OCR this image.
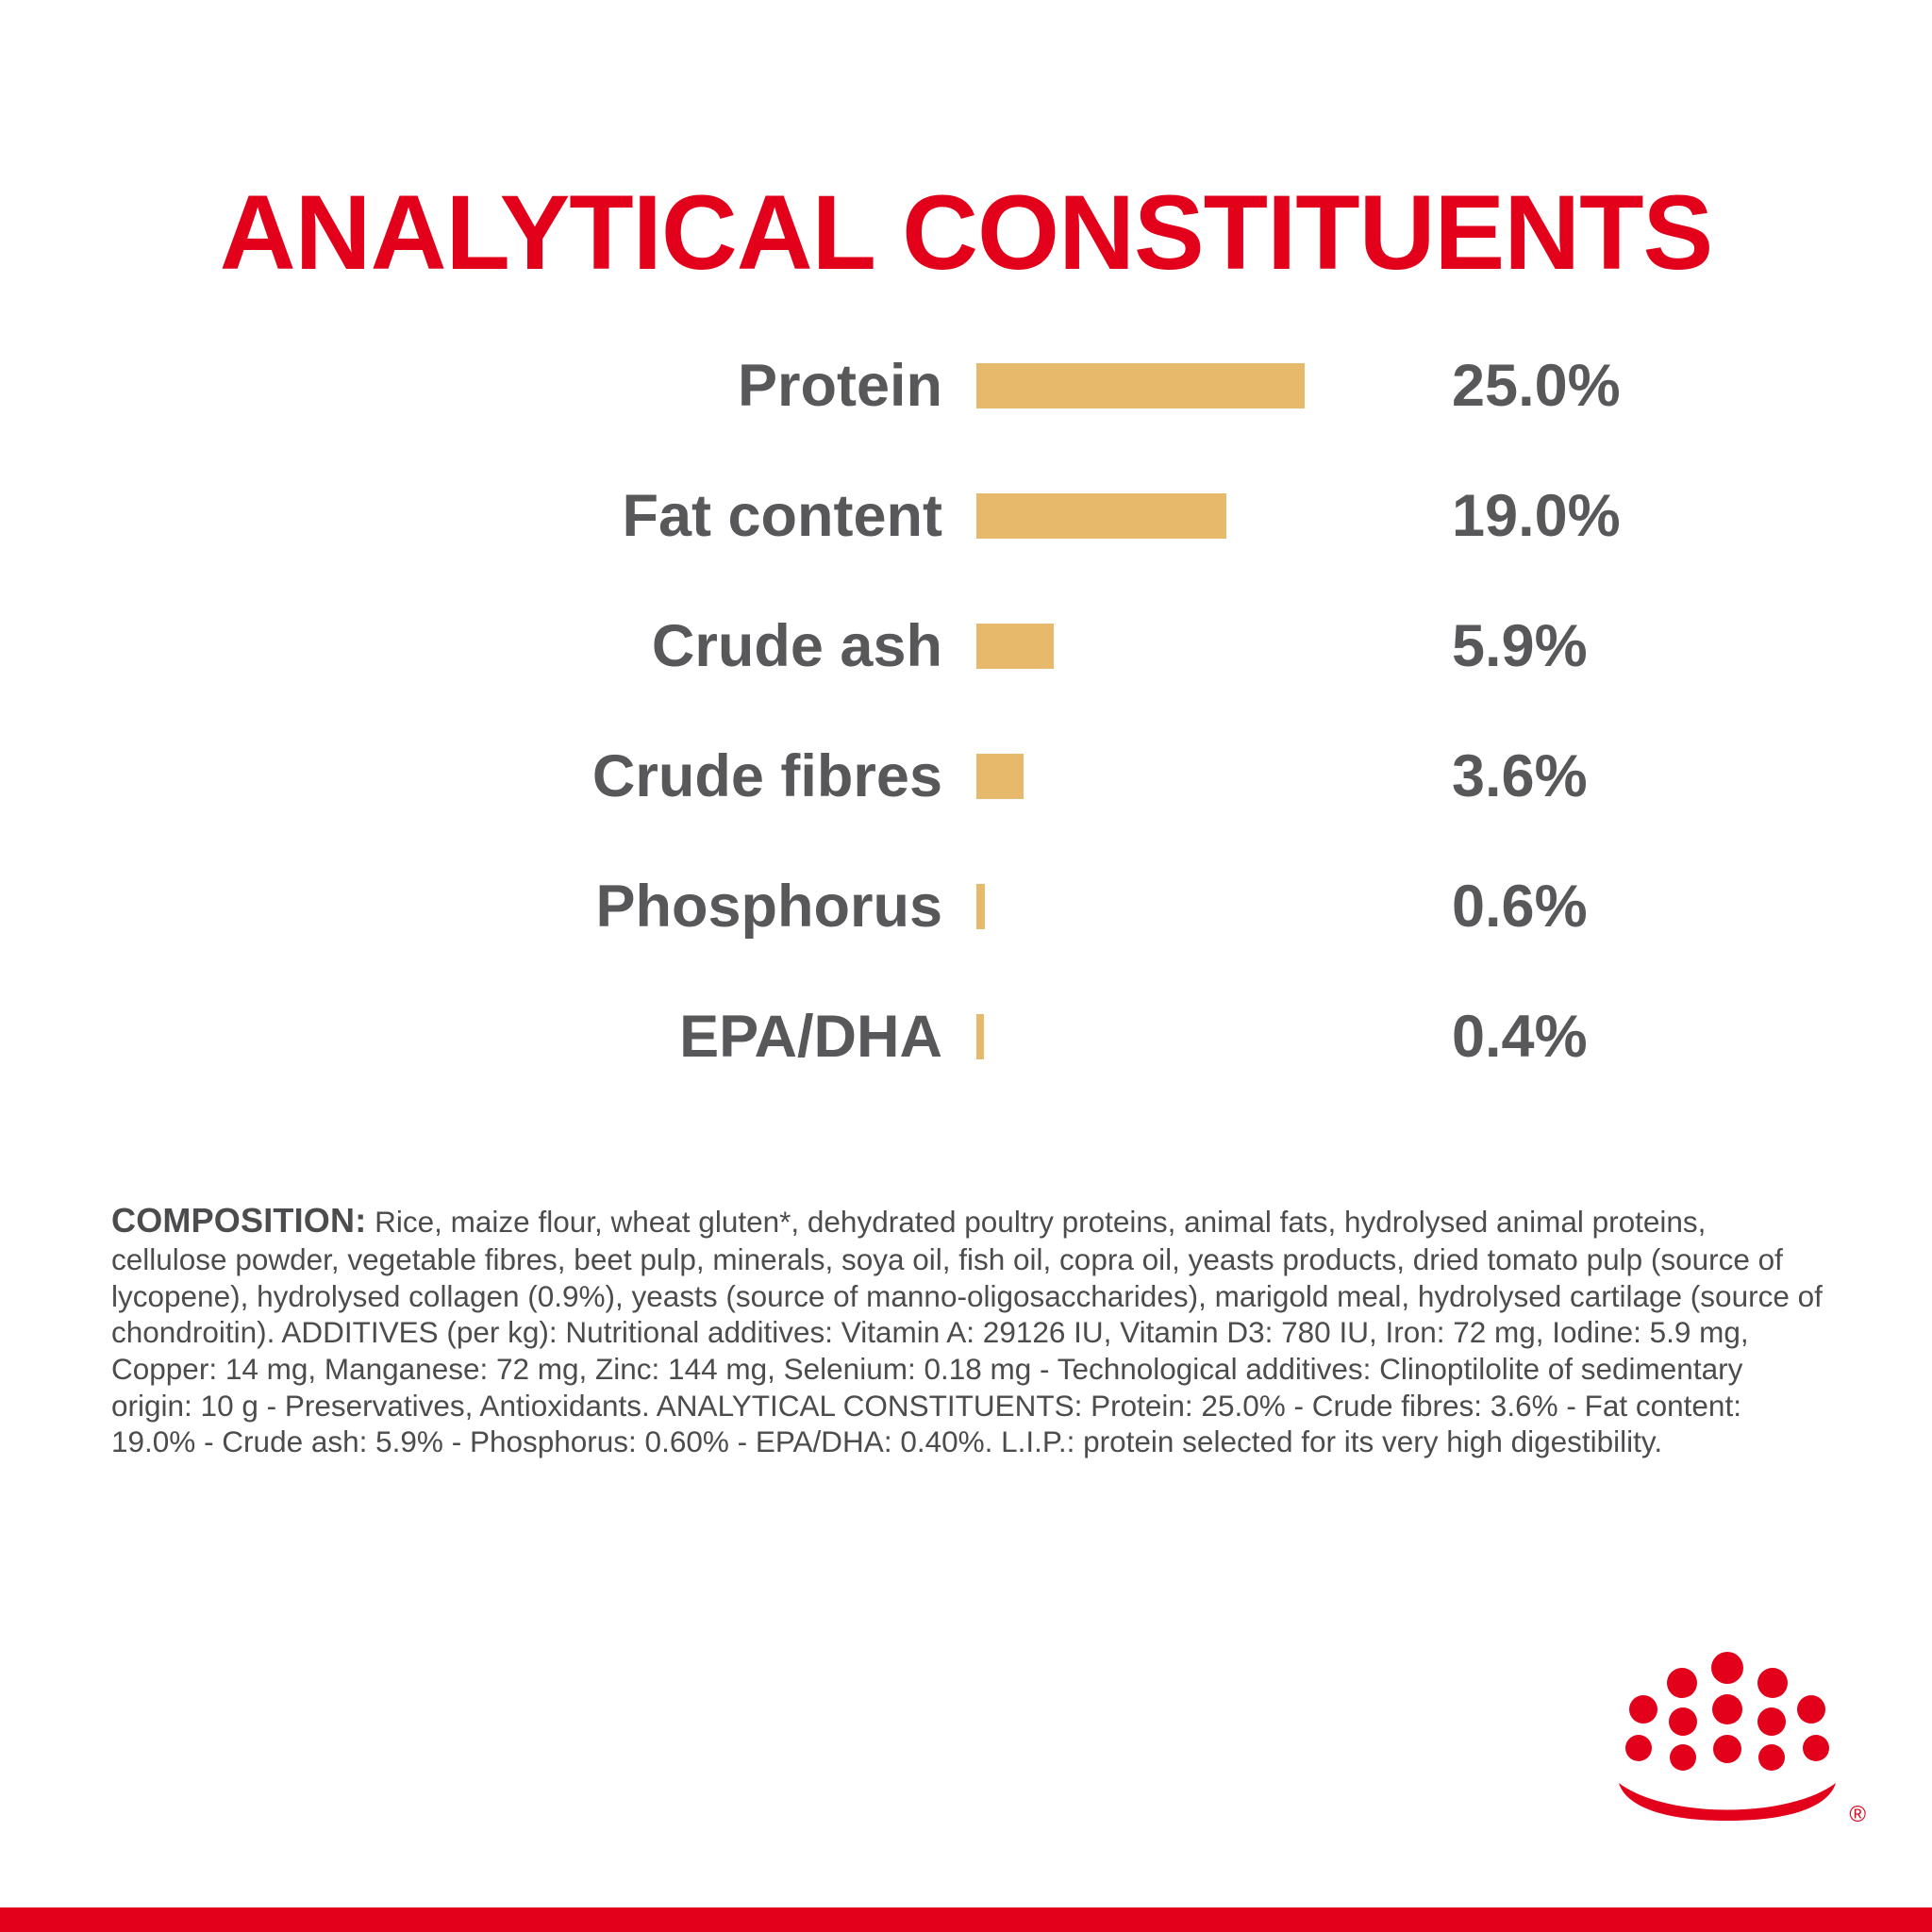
ANALYTICAL CONSTITUENTS
Protein	25.0%
Fat content	19.0%
Crude ash	5.9%
Crude fibres	3.6%
Phosphorus	0.6%
EPA/DHA	0.4%

COMPOSITION: Rice, maize flour, wheat gluten*, dehydrated poultry proteins, animal fats, hydrolysed animal proteins, cellulose powder, vegetable fibres, beet pulp, minerals, soya oil, fish oil, copra oil, yeasts products, dried tomato pulp (source of lycopene), hydrolysed collagen (0.9%), yeasts (source of manno-oligosaccharides), marigold meal, hydrolysed cartilage (source of chondroitin). ADDITIVES (per kg): Nutritional additives: Vitamin A: 29126 IU, Vitamin D3: 780 IU, Iron: 72 mg, Iodine: 5.9 mg, Copper: 14 mg, Manganese: 72 mg, Zinc: 144 mg, Selenium: 0.18 mg - Technological additives: Clinoptilolite of sedimentary origin: 10 g - Preservatives, Antioxidants. ANALYTICAL CONSTITUENTS: Protein: 25.0% - Crude fibres: 3.6% - Fat content: 19.0% - Crude ash: 5.9% - Phosphorus: 0.60% - EPA/DHA: 0.40%. L.I.P.: protein selected for its very high digestibility.

®
